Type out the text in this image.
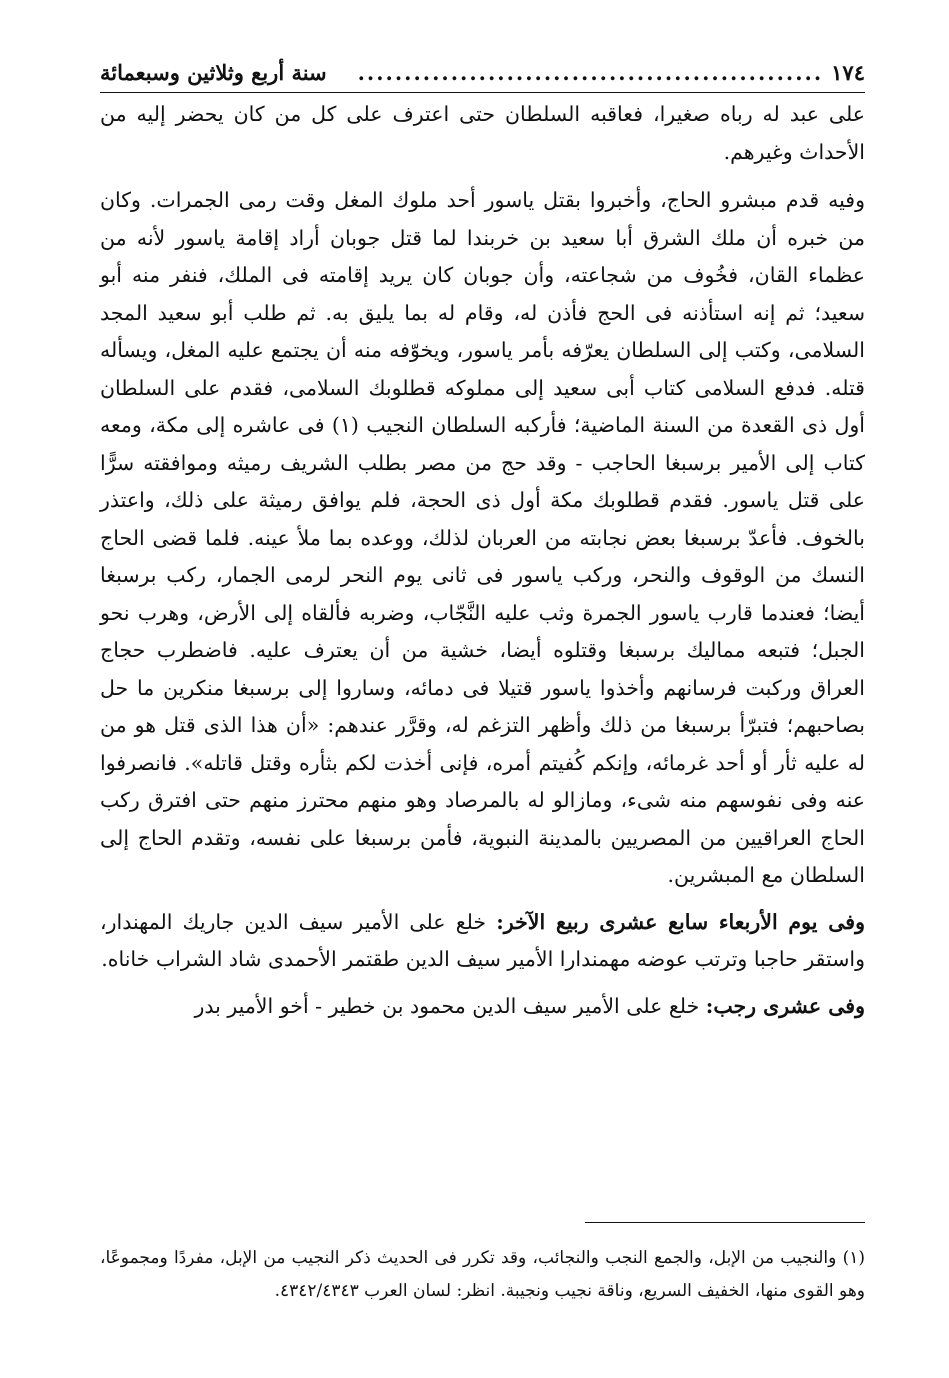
١٧٤
..................................................
سنة أربع وثلاثين وسبعمائة

على عبد له رباه صغيرا، فعاقبه السلطان حتى اعترف على كل من كان يحضر إليه من الأحداث وغيرهم.

وفيه قدم مبشرو الحاج، وأخبروا بقتل ياسور أحد ملوك المغل وقت رمى الجمرات. وكان من خبره أن ملك الشرق أبا سعيد بن خربندا لما قتل جوبان أراد إقامة ياسور لأنه من عظماء القان، فخُوف من شجاعته، وأن جوبان كان يريد إقامته فى الملك، فنفر منه أبو سعيد؛ ثم إنه استأذنه فى الحج فأذن له، وقام له بما يليق به. ثم طلب أبو سعيد المجد السلامى، وكتب إلى السلطان يعرّفه بأمر ياسور، ويخوّفه منه أن يجتمع عليه المغل، ويسأله قتله. فدفع السلامى كتاب أبى سعيد إلى مملوكه قطلوبك السلامى، فقدم على السلطان أول ذى القعدة من السنة الماضية؛ فأركبه السلطان النجيب (١) فى عاشره إلى مكة، ومعه كتاب إلى الأمير برسبغا الحاجب - وقد حج من مصر بطلب الشريف رميثه وموافقته سرًّا على قتل ياسور. فقدم قطلوبك مكة أول ذى الحجة، فلم يوافق رميثة على ذلك، واعتذر بالخوف. فأعدّ برسبغا بعض نجابته من العربان لذلك، ووعده بما ملأ عينه. فلما قضى الحاج النسك من الوقوف والنحر، وركب ياسور فى ثانى يوم النحر لرمى الجمار، ركب برسبغا أيضا؛ فعندما قارب ياسور الجمرة وثب عليه النَّجّاب، وضربه فألقاه إلى الأرض، وهرب نحو الجبل؛ فتبعه مماليك برسبغا وقتلوه أيضا، خشية من أن يعترف عليه. فاضطرب حجاج العراق وركبت فرسانهم وأخذوا ياسور قتيلا فى دمائه، وساروا إلى برسبغا منكرين ما حل بصاحبهم؛ فتبرّأ برسبغا من ذلك وأظهر التزغم له، وقرَّر عندهم: «أن هذا الذى قتل هو من له عليه ثأر أو أحد غرمائه، وإنكم كُفيتم أمره، فإنى أخذت لكم بثأره وقتل قاتله». فانصرفوا عنه وفى نفوسهم منه شىء، ومازالو له بالمرصاد وهو منهم محترز منهم حتى افترق ركب الحاج العراقيين من المصريين بالمدينة النبوية، فأمن برسبغا على نفسه، وتقدم الحاج إلى السلطان مع المبشرين.

وفى يوم الأربعاء سابع عشرى ربيع الآخر: خلع على الأمير سيف الدين جاريك المهندار، واستقر حاجبا وترتب عوضه مهمندارا الأمير سيف الدين طقتمر الأحمدى شاد الشراب خاناه.

وفى عشرى رجب: خلع على الأمير سيف الدين محمود بن خطير - أخو الأمير بدر

(١) والنجيب من الإبل، والجمع النجب والنجائب، وقد تكرر فى الحديث ذكر النجيب من الإبل، مفردًا ومجموعًا، وهو القوى منها، الخفيف السريع، وناقة نجيب ونجيبة. انظر: لسان العرب ٤٣٤٢/٤٣٤٣.
